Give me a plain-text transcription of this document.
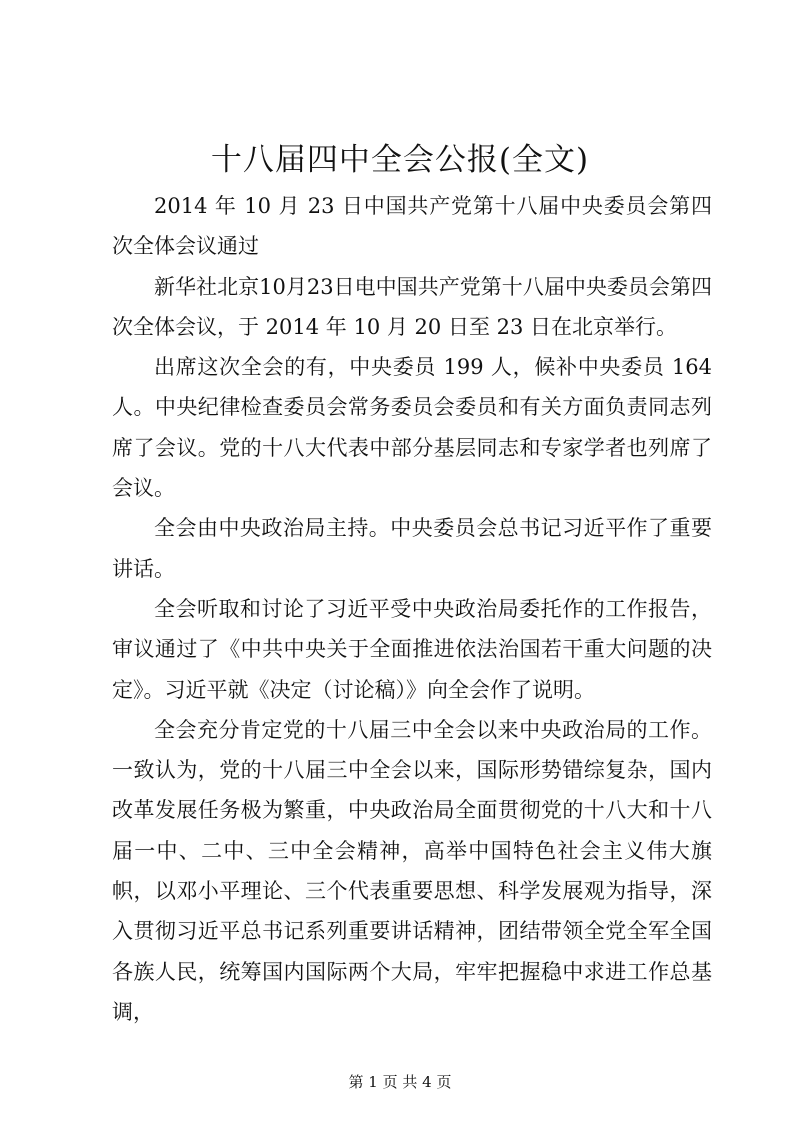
十八届四中全会公报(全文)

2014 年 10 月 23 日中国共产党第十八届中央委员会第四次全体会议通过

新华社北京10月23日电中国共产党第十八届中央委员会第四次全体会议，于 2014 年 10 月 20 日至 23 日在北京举行。

出席这次全会的有，中央委员 199 人，候补中央委员 164 人。中央纪律检查委员会常务委员会委员和有关方面负责同志列席了会议。党的十八大代表中部分基层同志和专家学者也列席了会议。

全会由中央政治局主持。中央委员会总书记习近平作了重要讲话。

全会听取和讨论了习近平受中央政治局委托作的工作报告，审议通过了《中共中央关于全面推进依法治国若干重大问题的决定》。习近平就《决定（讨论稿）》向全会作了说明。

全会充分肯定党的十八届三中全会以来中央政治局的工作。一致认为，党的十八届三中全会以来，国际形势错综复杂，国内改革发展任务极为繁重，中央政治局全面贯彻党的十八大和十八届一中、二中、三中全会精神，高举中国特色社会主义伟大旗帜，以邓小平理论、三个代表重要思想、科学发展观为指导，深入贯彻习近平总书记系列重要讲话精神，团结带领全党全军全国各族人民，统筹国内国际两个大局，牢牢把握稳中求进工作总基调，

第 1 页 共 4 页
